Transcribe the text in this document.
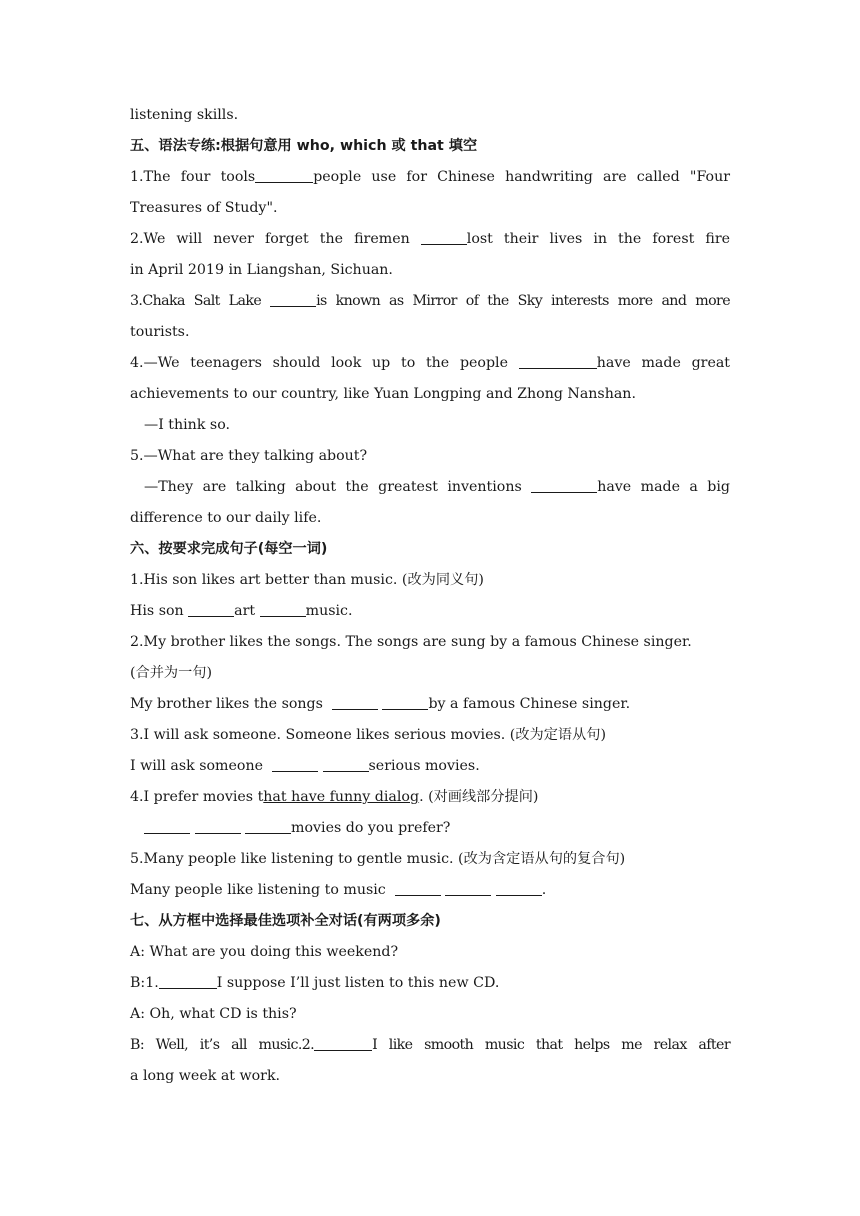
listening skills.
五、语法专练:根据句意用 who, which 或 that 填空
1.The four tools	people use for Chinese handwriting are called "Four
Treasures of Study".
2.We will never forget the firemen	lost their lives in the forest fire
in April 2019 in Liangshan, Sichuan.
3.Chaka Salt Lake	is known as Mirror of the Sky interests more and more
tourists.
4.—We teenagers should look up to the people	have made great
achievements to our country, like Yuan Longping and Zhong Nanshan.
—I think so.
5.—What are they talking about?
—They are talking about the greatest inventions	have made a big
difference to our daily life.
六、按要求完成句子(每空一词)
1.His son likes art better than music. (改为同义句)
His son	art	music.
2.My brother likes the songs. The songs are sung by a famous Chinese singer.
(合并为一句)
My brother likes the songs	by a famous Chinese singer.
3.I will ask someone. Someone likes serious movies. (改为定语从句)
I will ask someone	serious movies.
4.I prefer movies that have funny dialog. (对画线部分提问)
movies do you prefer?
5.Many people like listening to gentle music. (改为含定语从句的复合句)
Many people like listening to music	.
七、从方框中选择最佳选项补全对话(有两项多余)
A: What are you doing this weekend?
B:1.	I suppose I’ll just listen to this new CD.
A: Oh, what CD is this?
B: Well, it’s all music.2.	I like smooth music that helps me relax after
a long week at work.
